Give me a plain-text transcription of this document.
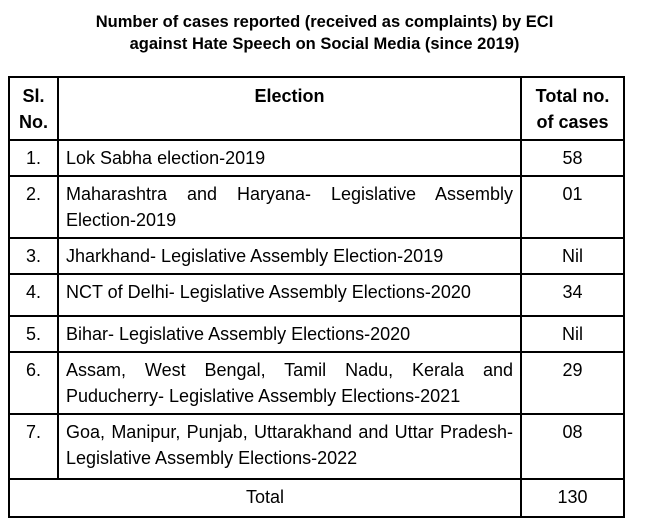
Number of cases reported (received as complaints) by ECI
against Hate Speech on Social Media (since 2019)
Sl. No.	Election	Total no. of cases
1.	Lok Sabha election-2019	58
2.	Maharashtra and Haryana- Legislative Assembly Election-2019	01
3.	Jharkhand- Legislative Assembly Election-2019	Nil
4.	NCT of Delhi- Legislative Assembly Elections-2020	34
5.	Bihar- Legislative Assembly Elections-2020	Nil
6.	Assam, West Bengal, Tamil Nadu, Kerala and Puducherry- Legislative Assembly Elections-2021	29
7.	Goa, Manipur, Punjab, Uttarakhand and Uttar Pradesh- Legislative Assembly Elections-2022	08
Total		130
